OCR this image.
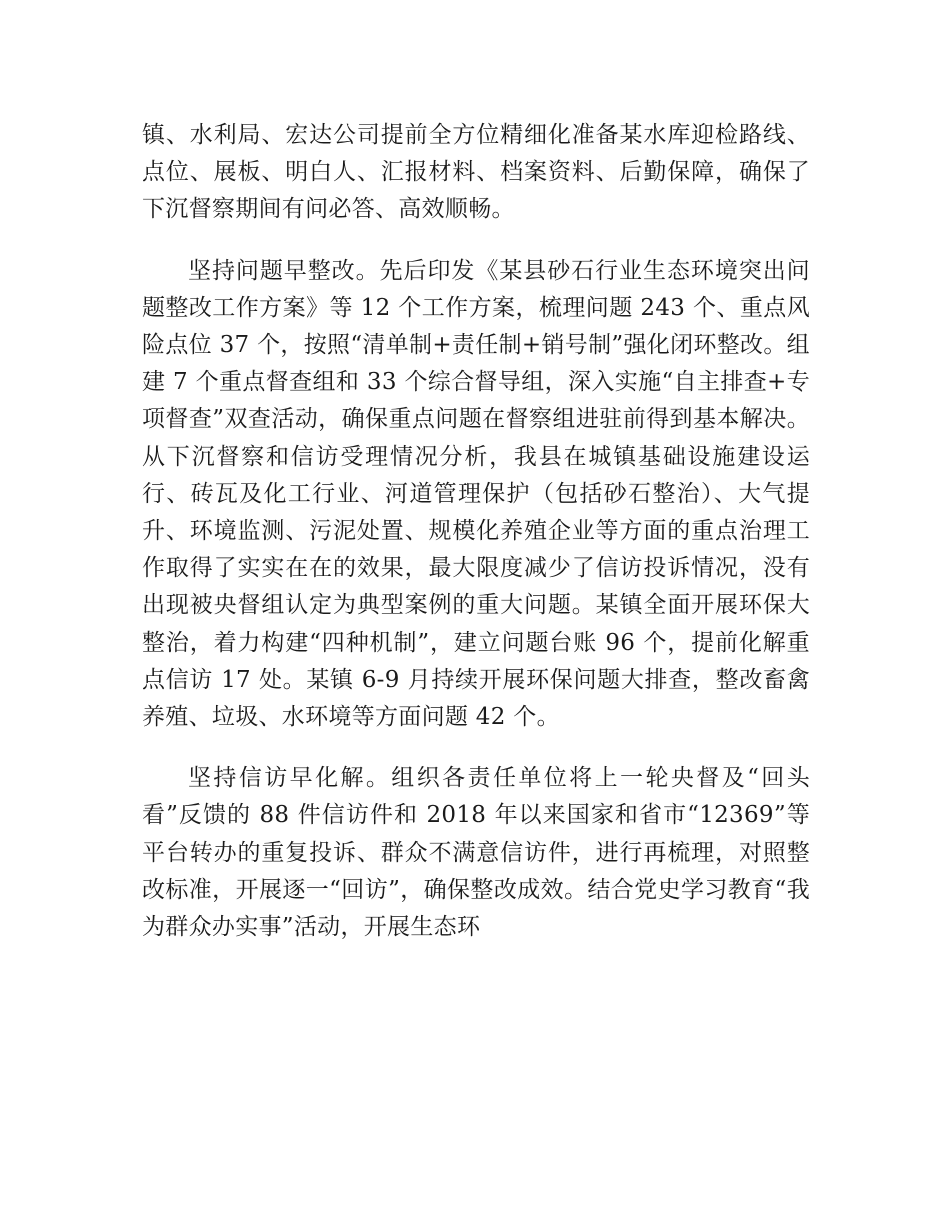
镇、水利局、宏达公司提前全方位精细化准备某水库迎检路线、点位、展板、明白人、汇报材料、档案资料、后勤保障，确保了下沉督察期间有问必答、高效顺畅。

坚持问题早整改。先后印发《某县砂石行业生态环境突出问题整改工作方案》等 12 个工作方案，梳理问题 243 个、重点风险点位 37 个，按照“清单制+责任制+销号制”强化闭环整改。组建 7 个重点督查组和 33 个综合督导组，深入实施“自主排查+专项督查”双查活动，确保重点问题在督察组进驻前得到基本解决。从下沉督察和信访受理情况分析，我县在城镇基础设施建设运行、砖瓦及化工行业、河道管理保护（包括砂石整治）、大气提升、环境监测、污泥处置、规模化养殖企业等方面的重点治理工作取得了实实在在的效果，最大限度减少了信访投诉情况，没有出现被央督组认定为典型案例的重大问题。某镇全面开展环保大整治，着力构建“四种机制”，建立问题台账 96 个，提前化解重点信访 17 处。某镇 6-9 月持续开展环保问题大排查，整改畜禽养殖、垃圾、水环境等方面问题 42 个。

坚持信访早化解。组织各责任单位将上一轮央督及“回头看”反馈的 88 件信访件和 2018 年以来国家和省市“12369”等平台转办的重复投诉、群众不满意信访件，进行再梳理，对照整改标准，开展逐一“回访”，确保整改成效。结合党史学习教育“我为群众办实事”活动，开展生态环
